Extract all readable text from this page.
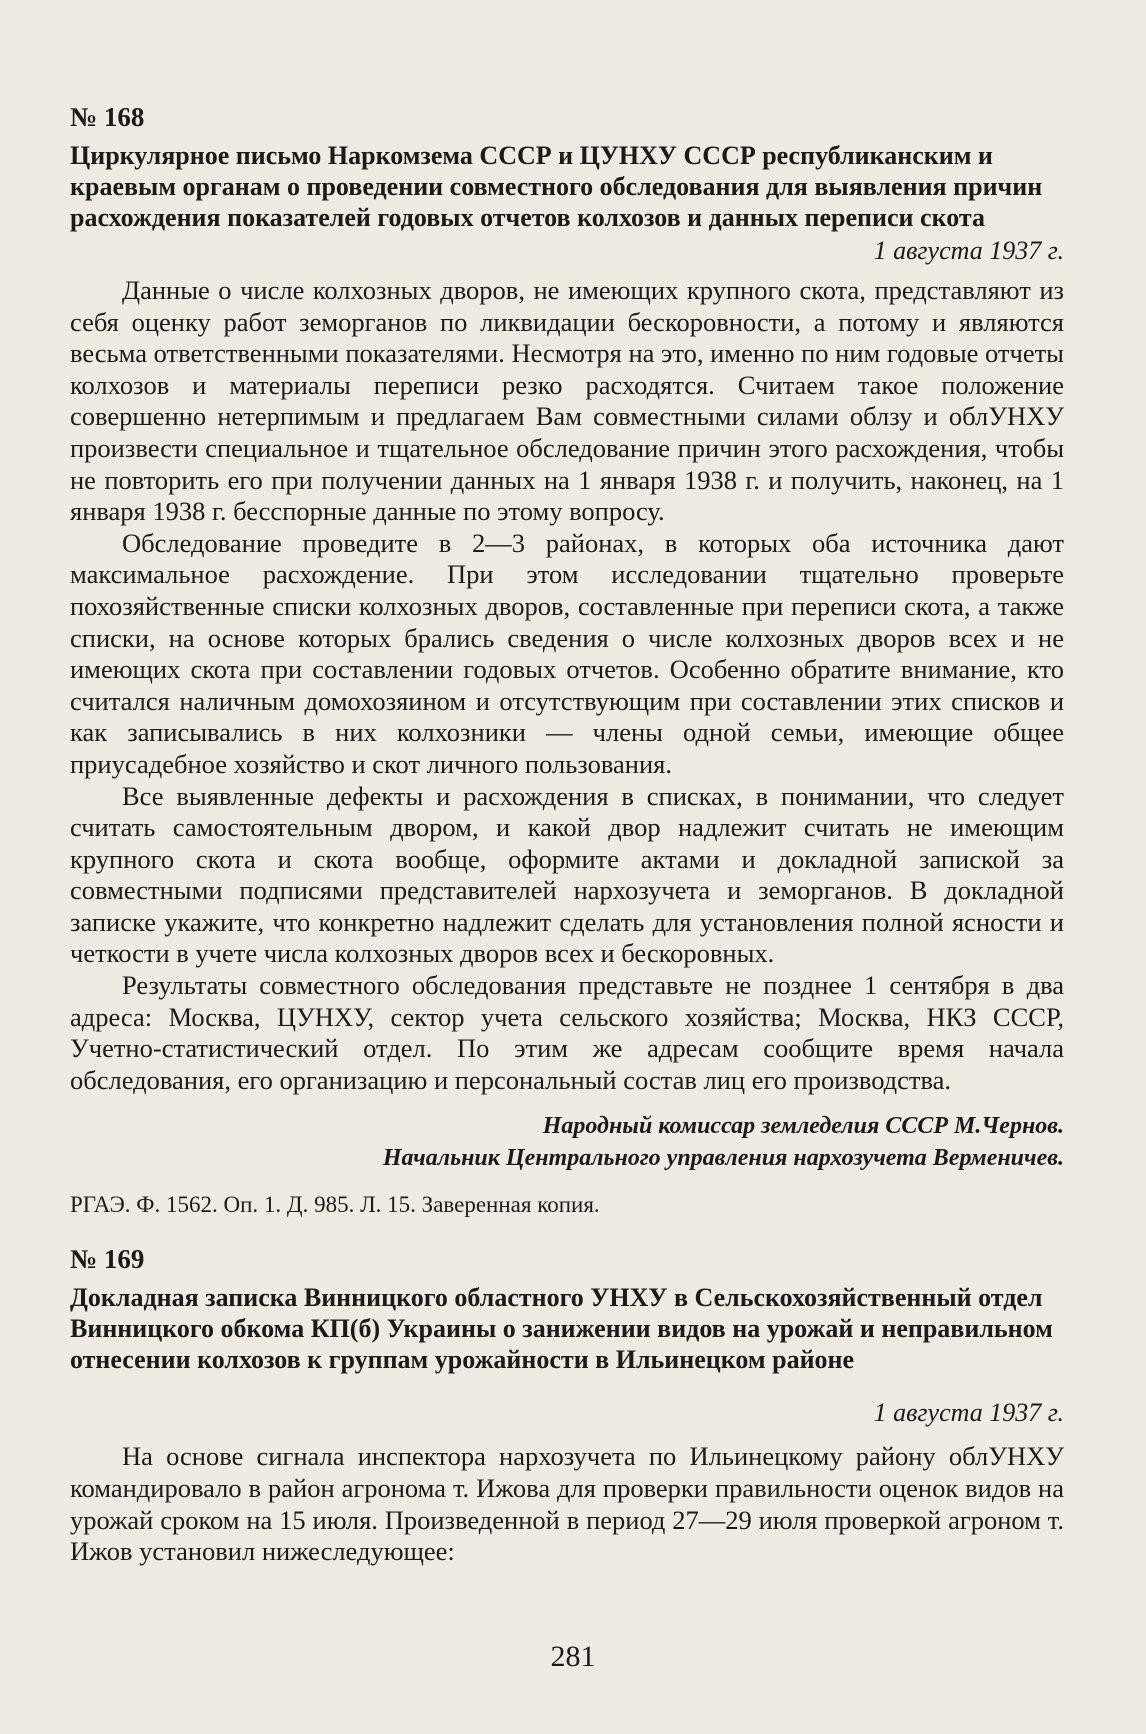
№ 168
Циркулярное письмо Наркомзема СССР и ЦУНХУ СССР республиканским и краевым органам о проведении совместного обследования для выявления причин расхождения показателей годовых отчетов колхозов и данных переписи скота
1 августа 1937 г.

Данные о числе колхозных дворов, не имеющих крупного скота, представляют из себя оценку работ земорганов по ликвидации бескоровности, а потому и являются весьма ответственными показателями. Несмотря на это, именно по ним годовые отчеты колхозов и материалы переписи резко расходятся. Считаем такое положение совершенно нетерпимым и предлагаем Вам совместными силами облзу и облУНХУ произвести специальное и тщательное обследование причин этого расхождения, чтобы не повторить его при получении данных на 1 января 1938 г. и получить, наконец, на 1 января 1938 г. бесспорные данные по этому вопросу.

Обследование проведите в 2—3 районах, в которых оба источника дают максимальное расхождение. При этом исследовании тщательно проверьте похозяйственные списки колхозных дворов, составленные при переписи скота, а также списки, на основе которых брались сведения о числе колхозных дворов всех и не имеющих скота при составлении годовых отчетов. Особенно обратите внимание, кто считался наличным домохозяином и отсутствующим при составлении этих списков и как записывались в них колхозники — члены одной семьи, имеющие общее приусадебное хозяйство и скот личного пользования.

Все выявленные дефекты и расхождения в списках, в понимании, что следует считать самостоятельным двором, и какой двор надлежит считать не имеющим крупного скота и скота вообще, оформите актами и докладной запиской за совместными подписями представителей нархозучета и земорганов. В докладной записке укажите, что конкретно надлежит сделать для установления полной ясности и четкости в учете числа колхозных дворов всех и бескоровных.

Результаты совместного обследования представьте не позднее 1 сентября в два адреса: Москва, ЦУНХУ, сектор учета сельского хозяйства; Москва, НКЗ СССР, Учетно-статистический отдел. По этим же адресам сообщите время начала обследования, его организацию и персональный состав лиц его производства.

Народный комиссар земледелия СССР М.Чернов.

Начальник Центрального управления нархозучета Верменичев.

РГАЭ. Ф. 1562. Оп. 1. Д. 985. Л. 15. Заверенная копия.
№ 169
Докладная записка Винницкого областного УНХУ в Сельскохозяйственный отдел Винницкого обкома КП(б) Украины о занижении видов на урожай и неправильном отнесении колхозов к группам урожайности в Ильинецком районе
1 августа 1937 г.

На основе сигнала инспектора нархозучета по Ильинецкому району облУНХУ командировало в район агронома т. Ижова для проверки правильности оценок видов на урожай сроком на 15 июля. Произведенной в период 27—29 июля проверкой агроном т. Ижов установил нижеследующее:

281
